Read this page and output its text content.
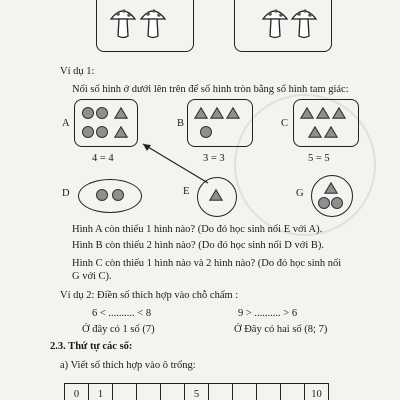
Ví dụ 1:
Nối số hình ở dưới lên trên để số hình tròn bằng số hình tam giác:
A	B	C
4 = 4	3 = 3	5 = 5
D	E	G
Hình A còn thiếu 1 hình nào? (Do đó học sinh nối E với A).
Hình B còn thiếu 2 hình nào? (Do đó học sinh nối D với B).
Hình C còn thiếu 1 hình nào và 2 hình nào? (Do đó học sinh nối
G với C).
Ví dụ 2: Điền số thích hợp vào chỗ chấm :
6 < .......... < 8
Ở đây có 1 số (7)
9 > .......... > 6
Ở Đây có hai số (8; 7)
2.3. Thứ tự các số:
a) Viết số thích hợp vào ô trống:
0	1				5					10
